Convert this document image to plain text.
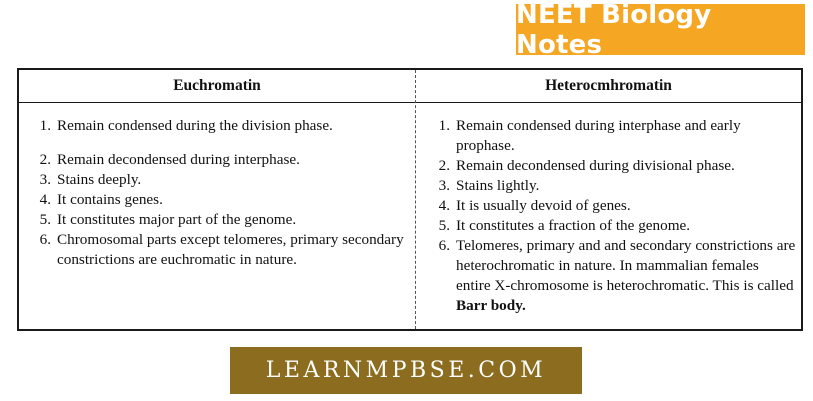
NEET Biology Notes
Euchromatin	Heterocmhromatin
1. Remain condensed during the division phase.
2. Remain decondensed during interphase.
3. Stains deeply.
4. It contains genes.
5. It constitutes major part of the genome.
6. Chromosomal parts except telomeres, primary secondary constrictions are euchromatic in nature.
1. Remain condensed during interphase and early prophase.
2. Remain decondensed during divisional phase.
3. Stains lightly.
4. It is usually devoid of genes.
5. It constitutes a fraction of the genome.
6. Telomeres, primary and and secondary constrictions are heterochromatic in nature. In mammalian females entire X-chromosome is heterochromatic. This is called Barr body.
LEARNMPBSE.COM
